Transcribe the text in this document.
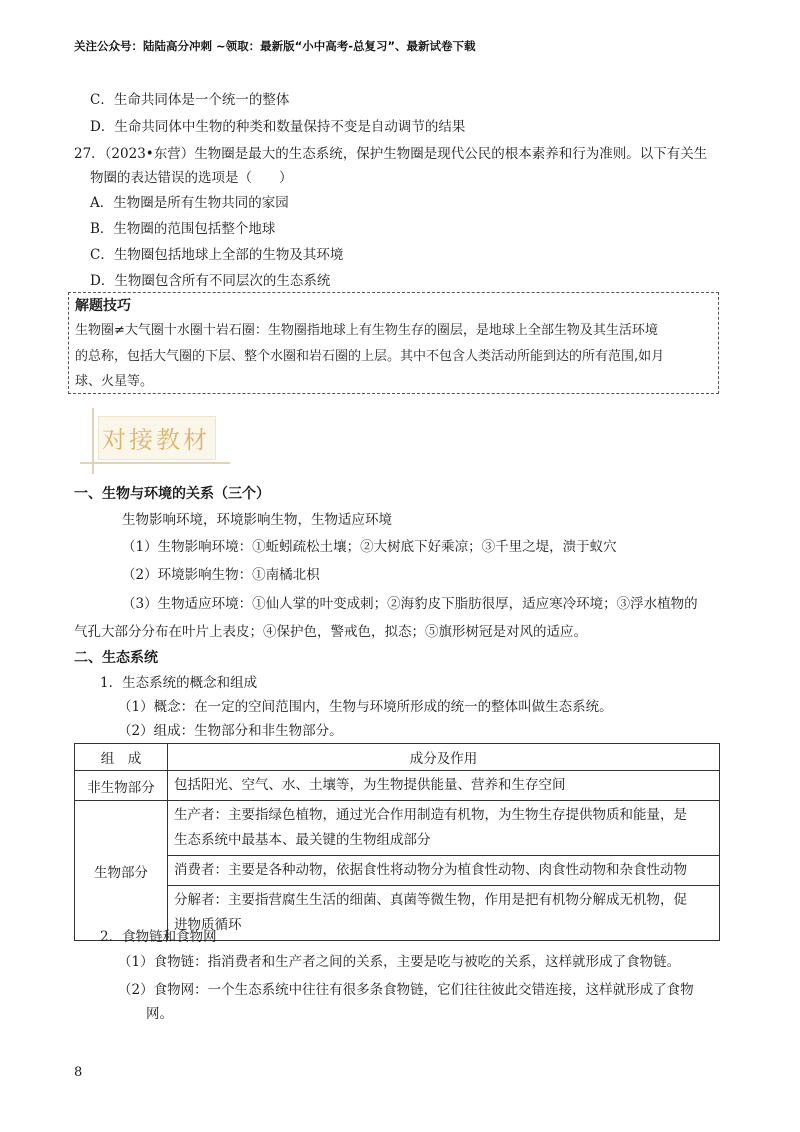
关注公众号：陆陆高分冲刺 ~领取：最新版“小中高考-总复习”、最新试卷下载
C．生命共同体是一个统一的整体
D．生命共同体中生物的种类和数量保持不变是自动调节的结果
27．（2023•东营）生物圈是最大的生态系统，保护生物圈是现代公民的根本素养和行为准则。以下有关生
物圈的表达错误的选项是（　　）
A．生物圈是所有生物共同的家园
B．生物圈的范围包括整个地球
C．生物圈包括地球上全部的生物及其环境
D．生物圈包含所有不同层次的生态系统
解题技巧
生物圈≠大气圈十水圈十岩石圈：生物圈指地球上有生物生存的圈层，是地球上全部生物及其生活环境
的总称，包括大气圈的下层、整个水圈和岩石圈的上层。其中不包含人类活动所能到达的所有范围,如月
球、火星等。
对接教材
一、生物与环境的关系（三个）
生物影响环境，环境影响生物，生物适应环境
（1）生物影响环境：①蚯蚓疏松土壤；②大树底下好乘凉；③千里之堤，溃于蚁穴
（2）环境影响生物：①南橘北枳
（3）生物适应环境：①仙人掌的叶变成刺；②海豹皮下脂肪很厚，适应寒冷环境；③浮水植物的
气孔大部分分布在叶片上表皮；④保护色，警戒色，拟态；⑤旗形树冠是对风的适应。
二、生态系统
1．生态系统的概念和组成
（1）概念：在一定的空间范围内，生物与环境所形成的统一的整体叫做生态系统。
（2）组成：生物部分和非生物部分。
组　成	成分及作用
非生物部分	包括阳光、空气、水、土壤等，为生物提供能量、营养和生存空间

生物部分	生产者：主要指绿色植物，通过光合作用制造有机物，为生物生存提供物质和能量，是
生态系统中最基本、最关键的生物组成部分

	消费者：主要是各种动物，依据食性将动物分为植食性动物、肉食性动物和杂食性动物

	分解者：主要指营腐生生活的细菌、真菌等微生物，作用是把有机物分解成无机物，促
进物质循环
2．食物链和食物网
（1）食物链：指消费者和生产者之间的关系，主要是吃与被吃的关系，这样就形成了食物链。
（2）食物网：一个生态系统中往往有很多条食物链，它们往往彼此交错连接，这样就形成了食物
网。
8
